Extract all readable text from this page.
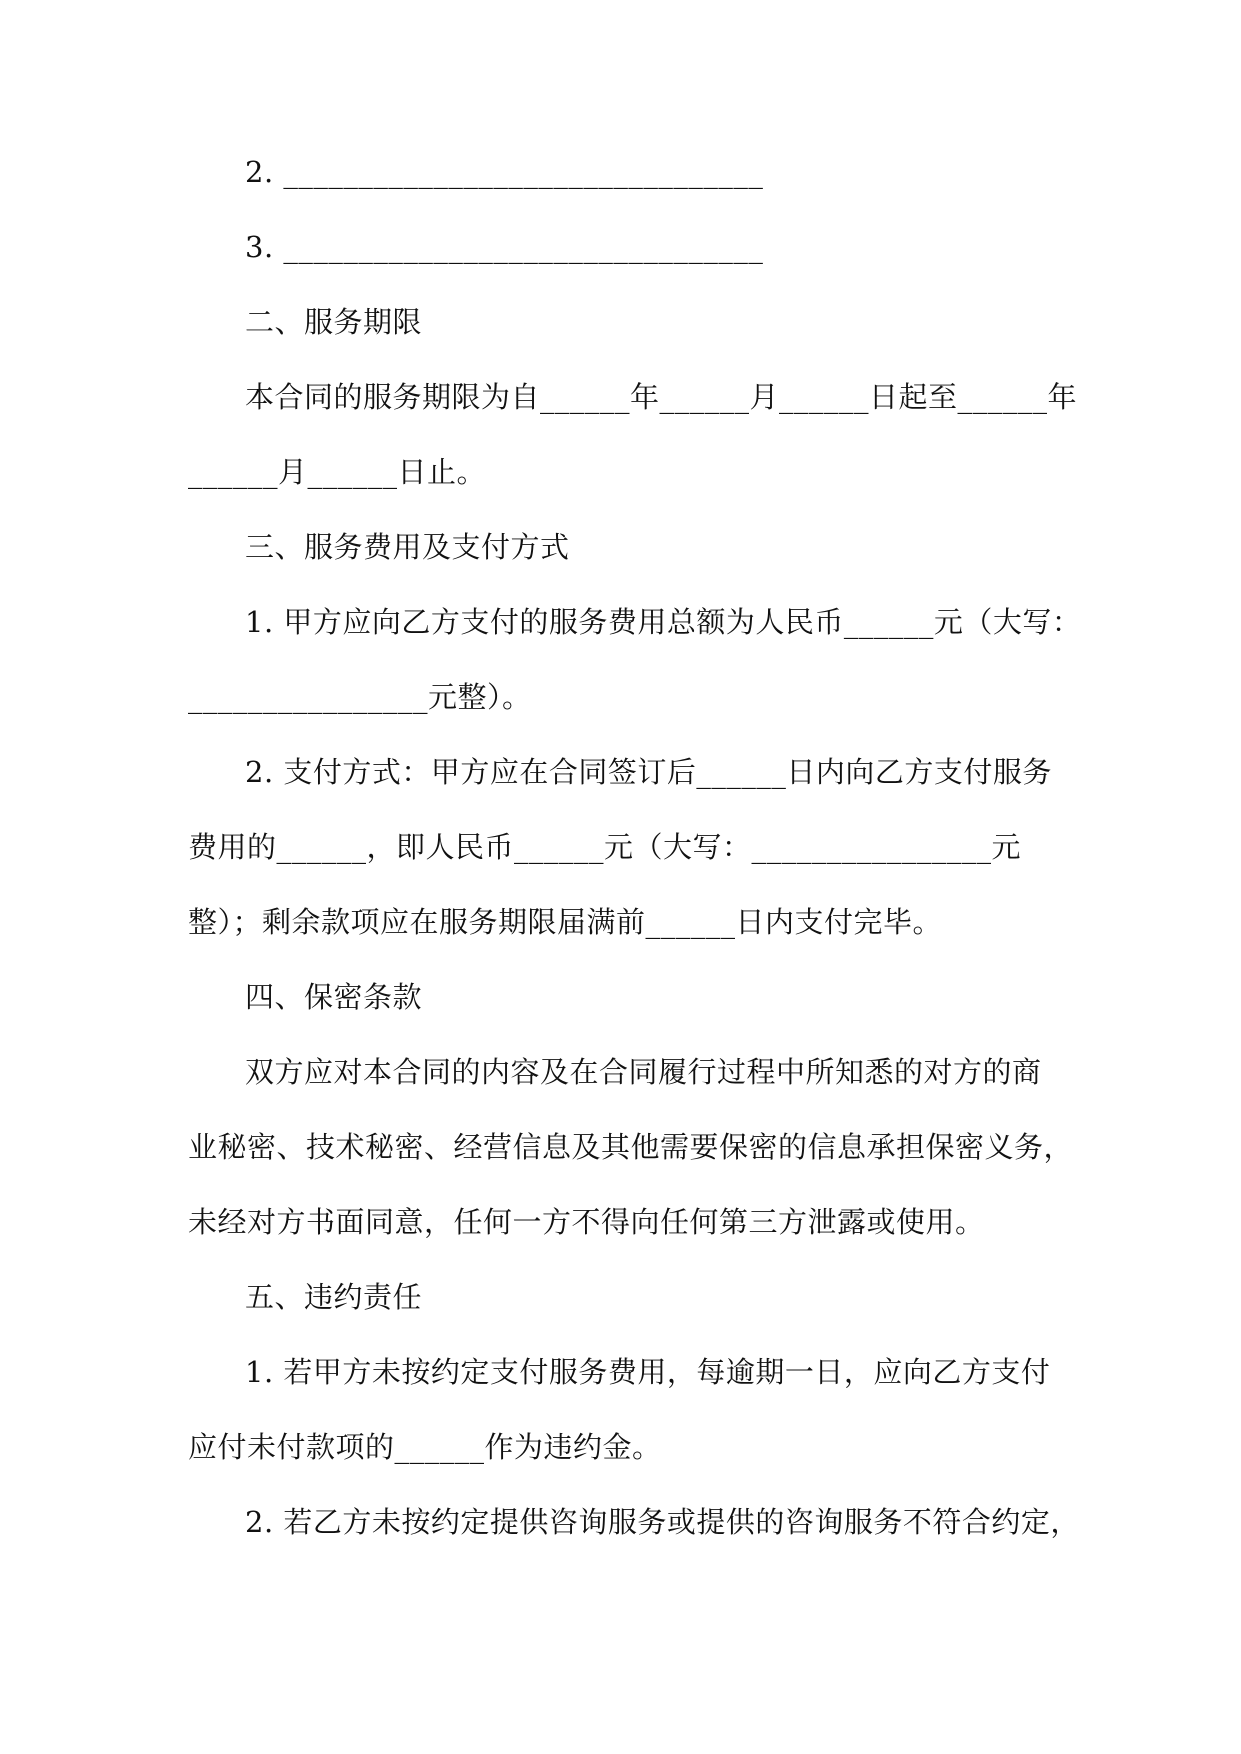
2. ________________________________
3. ________________________________
二、服务期限
本合同的服务期限为自______年______月______日起至______年
______月______日止。
三、服务费用及支付方式
1. 甲方应向乙方支付的服务费用总额为人民币______元（大写：
________________元整）。
2. 支付方式：甲方应在合同签订后______日内向乙方支付服务
费用的______，即人民币______元（大写：________________元
整）；剩余款项应在服务期限届满前______日内支付完毕。
四、保密条款
双方应对本合同的内容及在合同履行过程中所知悉的对方的商
业秘密、技术秘密、经营信息及其他需要保密的信息承担保密义务，
未经对方书面同意，任何一方不得向任何第三方泄露或使用。
五、违约责任
1. 若甲方未按约定支付服务费用，每逾期一日，应向乙方支付
应付未付款项的______作为违约金。
2. 若乙方未按约定提供咨询服务或提供的咨询服务不符合约定，
